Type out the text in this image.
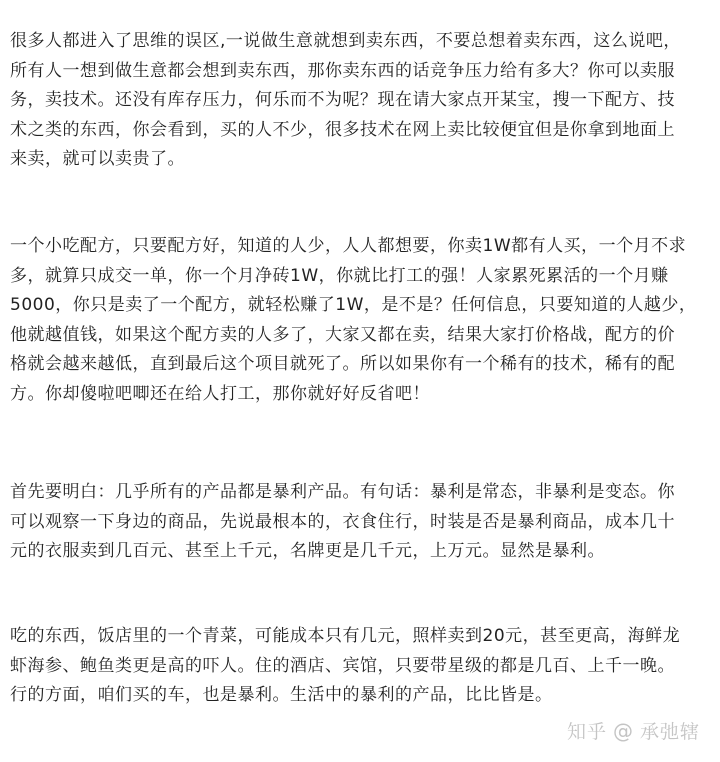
很多人都进入了思维的误区,一说做生意就想到卖东西，不要总想着卖东西，这么说吧，
所有人一想到做生意都会想到卖东西，那你卖东西的话竞争压力给有多大？你可以卖服
务，卖技术。还没有库存压力，何乐而不为呢？现在请大家点开某宝，搜一下配方、技
术之类的东西，你会看到，买的人不少，很多技术在网上卖比较便宜但是你拿到地面上
来卖，就可以卖贵了。
一个小吃配方，只要配方好，知道的人少，人人都想要，你卖1W都有人买，一个月不求
多，就算只成交一单，你一个月净砖1W，你就比打工的强！人家累死累活的一个月赚
5000，你只是卖了一个配方，就轻松赚了1W，是不是？任何信息，只要知道的人越少，
他就越值钱，如果这个配方卖的人多了，大家又都在卖，结果大家打价格战，配方的价
格就会越来越低，直到最后这个项目就死了。所以如果你有一个稀有的技术，稀有的配
方。你却傻啦吧唧还在给人打工，那你就好好反省吧！
首先要明白：几乎所有的产品都是暴利产品。有句话：暴利是常态，非暴利是变态。你
可以观察一下身边的商品，先说最根本的，衣食住行，时装是否是暴利商品，成本几十
元的衣服卖到几百元、甚至上千元，名牌更是几千元，上万元。显然是暴利。
吃的东西，饭店里的一个青菜，可能成本只有几元，照样卖到20元，甚至更高，海鲜龙
虾海参、鲍鱼类更是高的吓人。住的酒店、宾馆，只要带星级的都是几百、上千一晚。
行的方面，咱们买的车，也是暴利。生活中的暴利的产品，比比皆是。
知乎 @ 承弛辖
